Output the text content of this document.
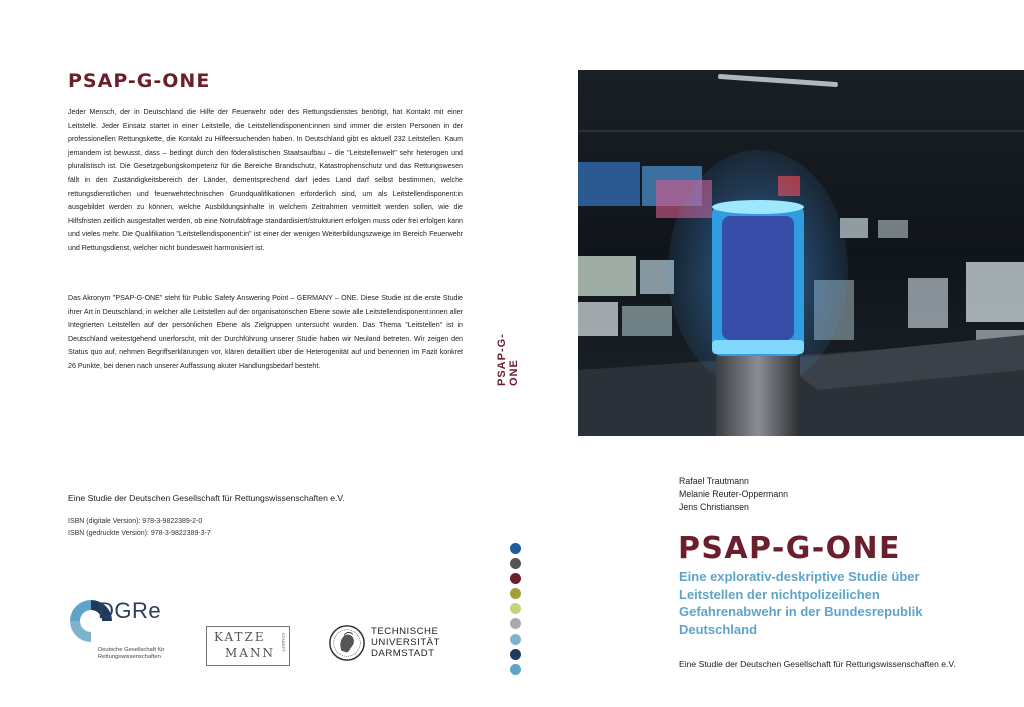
PSAP-G-ONE
Jeder Mensch, der in Deutschland die Hilfe der Feuerwehr oder des Rettungsdienstes benötigt, hat Kontakt mit einer Leitstelle. Jeder Einsatz startet in einer Leitstelle, die Leitstellendisponent:innen sind immer die ersten Personen in der professionellen Rettungskette, die Kontakt zu Hilfeersuchenden haben. In Deutschland gibt es aktuell 232 Leitstellen. Kaum jemandem ist bewusst, dass – bedingt durch den föderalistischen Staatsaufbau – die "Leitstellenwelt" sehr heterogen und pluralistisch ist. Die Gesetzgebungskompetenz für die Bereiche Brandschutz, Katastrophenschutz und das Rettungswesen fällt in den Zuständigkeitsbereich der Länder, dementsprechend darf jedes Land darf selbst bestimmen, welche rettungsdienstlichen und feuerwehrtechnischen Grundqualifikationen erforderlich sind, um als Leitstellendisponent:in ausgebildet werden zu können, welche Ausbildungsinhalte in welchem Zeitrahmen vermittelt werden sollen, wie die Hilfsfristen zeitlich ausgestaltet werden, ob eine Notrufabfrage standardisiert/strukturiert erfolgen muss oder frei erfolgen kann und vieles mehr. Die Qualifikation "Leitstellendisponent:in" ist einer der wenigen Weiterbildungszweige im Bereich Feuerwehr und Rettungsdienst, welcher nicht bundesweit harmonisiert ist.
Das Akronym "PSAP-G-ONE" steht für Public Safety Answering Point – GERMANY – ONE. Diese Studie ist die erste Studie ihrer Art in Deutschland, in welcher alle Leitstellen auf der organisatorischen Ebene sowie alle Leitstellendisponent:innen aller Integrierten Leitstellen auf der persönlichen Ebene als Zielgruppen untersucht wurden. Das Thema "Leitstellen" ist in Deutschland weitestgehend unerforscht, mit der Durchführung unserer Studie haben wir Neuland betreten. Wir zeigen den Status quo auf, nehmen Begriffserklärungen vor, klären detailliert über die Heterogenität auf und benennen im Fazit konkret 26 Punkte, bei denen nach unserer Auffassung akuter Handlungsbedarf besteht.
Eine Studie der Deutschen Gesellschaft für Rettungswissenschaften e.V.
ISBN (digitale Version): 978-3-9822389-2-0
ISBN (gedruckte Version): 978-3-9822389-3-7
DGRe
Deutsche Gesellschaft für Rettungswissenschaften
KATZE
MANN
KONZEPT
TECHNISCHE
UNIVERSITÄT
DARMSTADT
PSAP-G-ONE
Rafael Trautmann
Melanie Reuter-Oppermann
Jens Christiansen
PSAP-G-ONE
Eine explorativ-deskriptive Studie über Leitstellen der nichtpolizeilichen Gefahrenabwehr in der Bundesrepublik Deutschland
Eine Studie der Deutschen Gesellschaft für Rettungswissenschaften e.V.
